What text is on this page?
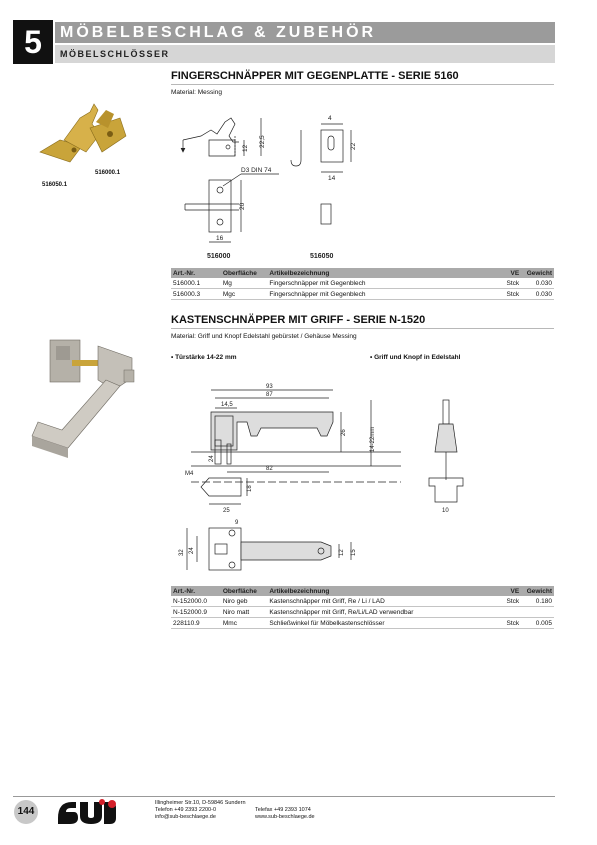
5	MÖBELBESCHLAG & ZUBEHÖR
MÖBELSCHLÖSSER
FINGERSCHNÄPPER MIT GEGENPLATTE - SERIE 5160
Material: Messing
516050.1
516000.1
12
22,5
4
22
14
20
D3 DIN 74
16
516000	516050
Art.-Nr.	Oberfläche	Artikelbezeichnung	VE	Gewicht
516000.1	Mg	Fingerschnäpper mit Gegenblech	Stck	0.030
516000.3	Mgc	Fingerschnäpper mit Gegenblech	Stck	0.030
KASTENSCHNÄPPER MIT GRIFF - SERIE N-1520
Material: Griff und Knopf Edelstahl gebürstet / Gehäuse Messing
• Türstärke 14-22 mm	• Griff und Knopf in Edelstahl
93
87
14,5
26	14-22mm
M4
82
24
18
25
9
32 24	12 15
10
Art.-Nr.	Oberfläche	Artikelbezeichnung	VE	Gewicht
N-152000.0	Niro geb	Kastenschnäpper mit Griff, Re / Li / LAD	Stck	0.180
N-152000.9	Niro matt	Kastenschnäpper mit Griff, Re/Li/LAD verwendbar		
228110.9	Mmc	Schließwinkel für Möbelkastenschlösser	Stck	0.005
144
Illingheimer Str.10, D-59846 Sundern
Telefon +49 2393 2200-0	Telefax +49 2393 1074
info@sub-beschlaege.de	www.sub-beschlaege.de
